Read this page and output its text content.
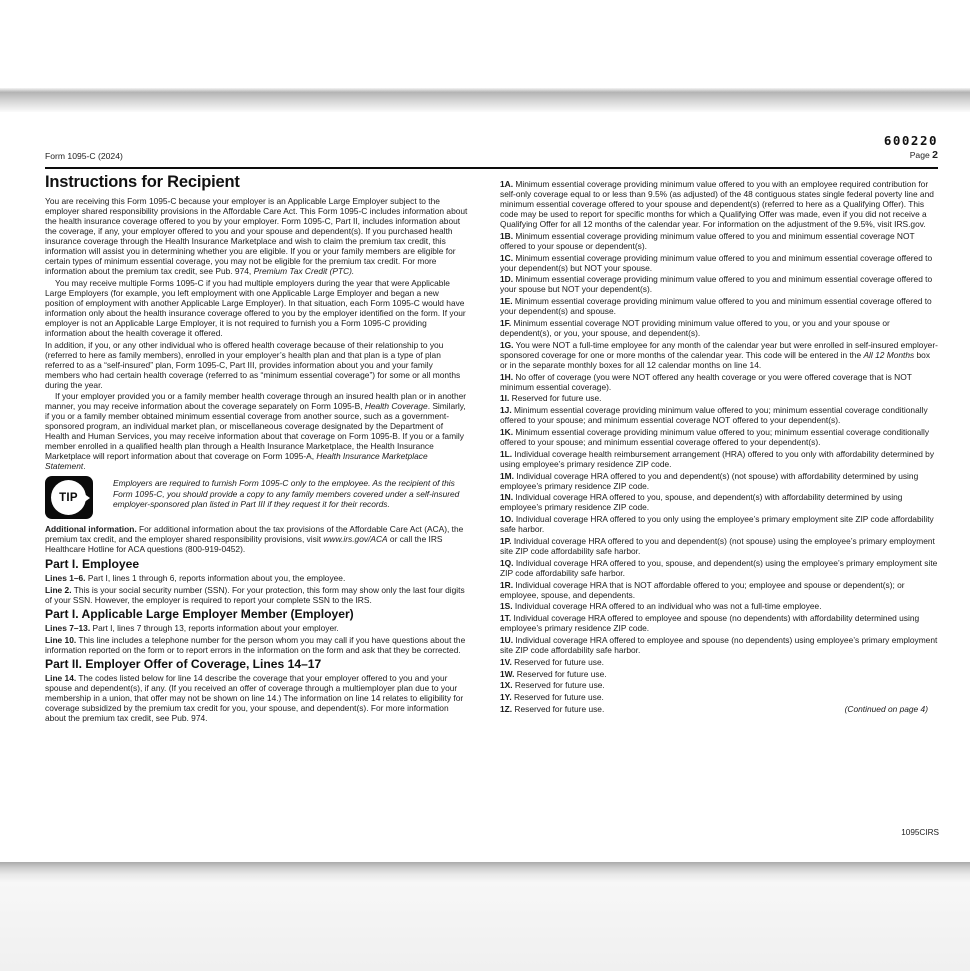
Form 1095-C (2024)
600220
Page 2
Instructions for Recipient
You are receiving this Form 1095-C because your employer is an Applicable Large Employer subject to the employer shared responsibility provisions in the Affordable Care Act. This Form 1095-C includes information about the health insurance coverage offered to you by your employer. Form 1095-C, Part II, includes information about the coverage, if any, your employer offered to you and your spouse and dependent(s). If you purchased health insurance coverage through the Health Insurance Marketplace and wish to claim the premium tax credit, this information will assist you in determining whether you are eligible. If you or your family members are eligible for certain types of minimum essential coverage, you may not be eligible for the premium tax credit. For more information about the premium tax credit, see Pub. 974, Premium Tax Credit (PTC).
You may receive multiple Forms 1095-C if you had multiple employers during the year that were Applicable Large Employers (for example, you left employment with one Applicable Large Employer and began a new position of employment with another Applicable Large Employer). In that situation, each Form 1095-C would have information only about the health insurance coverage offered to you by the employer identified on the form. If your employer is not an Applicable Large Employer, it is not required to furnish you a Form 1095-C providing information about the health coverage it offered.
In addition, if you, or any other individual who is offered health coverage because of their relationship to you (referred to here as family members), enrolled in your employer’s health plan and that plan is a type of plan referred to as a “self-insured” plan, Form 1095-C, Part III, provides information about you and your family members who had certain health coverage (referred to as “minimum essential coverage”) for some or all months during the year.
If your employer provided you or a family member health coverage through an insured health plan or in another manner, you may receive information about the coverage separately on Form 1095-B, Health Coverage. Similarly, if you or a family member obtained minimum essential coverage from another source, such as a government-sponsored program, an individual market plan, or miscellaneous coverage designated by the Department of Health and Human Services, you may receive information about that coverage on Form 1095-B. If you or a family member enrolled in a qualified health plan through a Health Insurance Marketplace, the Health Insurance Marketplace will report information about that coverage on Form 1095-A, Health Insurance Marketplace Statement.
TIP
Employers are required to furnish Form 1095-C only to the employee. As the recipient of this Form 1095-C, you should provide a copy to any family members covered under a self-insured employer-sponsored plan listed in Part III if they request it for their records.
Additional information. For additional information about the tax provisions of the Affordable Care Act (ACA), the premium tax credit, and the employer shared responsibility provisions, visit www.irs.gov/ACA or call the IRS Healthcare Hotline for ACA questions (800-919-0452).
Part I. Employee
Lines 1–6. Part I, lines 1 through 6, reports information about you, the employee.
Line 2. This is your social security number (SSN). For your protection, this form may show only the last four digits of your SSN. However, the employer is required to report your complete SSN to the IRS.
Part I. Applicable Large Employer Member (Employer)
Lines 7–13. Part I, lines 7 through 13, reports information about your employer.
Line 10. This line includes a telephone number for the person whom you may call if you have questions about the information reported on the form or to report errors in the information on the form and ask that they be corrected.
Part II. Employer Offer of Coverage, Lines 14–17
Line 14. The codes listed below for line 14 describe the coverage that your employer offered to you and your spouse and dependent(s), if any. (If you received an offer of coverage through a multiemployer plan due to your membership in a union, that offer may not be shown on line 14.) The information on line 14 relates to eligibility for coverage subsidized by the premium tax credit for you, your spouse, and dependent(s). For more information about the premium tax credit, see Pub. 974.
1A. Minimum essential coverage providing minimum value offered to you with an employee required contribution for self-only coverage equal to or less than 9.5% (as adjusted) of the 48 contiguous states single federal poverty line and minimum essential coverage offered to your spouse and dependent(s) (referred to here as a Qualifying Offer). This code may be used to report for specific months for which a Qualifying Offer was made, even if you did not receive a Qualifying Offer for all 12 months of the calendar year. For information on the adjustment of the 9.5%, visit IRS.gov.
1B. Minimum essential coverage providing minimum value offered to you and minimum essential coverage NOT offered to your spouse or dependent(s).
1C. Minimum essential coverage providing minimum value offered to you and minimum essential coverage offered to your dependent(s) but NOT your spouse.
1D. Minimum essential coverage providing minimum value offered to you and minimum essential coverage offered to your spouse but NOT your dependent(s).
1E. Minimum essential coverage providing minimum value offered to you and minimum essential coverage offered to your dependent(s) and spouse.
1F. Minimum essential coverage NOT providing minimum value offered to you, or you and your spouse or dependent(s), or you, your spouse, and dependent(s).
1G. You were NOT a full-time employee for any month of the calendar year but were enrolled in self-insured employer-sponsored coverage for one or more months of the calendar year. This code will be entered in the All 12 Months box or in the separate monthly boxes for all 12 calendar months on line 14.
1H. No offer of coverage (you were NOT offered any health coverage or you were offered coverage that is NOT minimum essential coverage).
1I. Reserved for future use.
1J. Minimum essential coverage providing minimum value offered to you; minimum essential coverage conditionally offered to your spouse; and minimum essential coverage NOT offered to your dependent(s).
1K. Minimum essential coverage providing minimum value offered to you; minimum essential coverage conditionally offered to your spouse; and minimum essential coverage offered to your dependent(s).
1L. Individual coverage health reimbursement arrangement (HRA) offered to you only with affordability determined by using employee’s primary residence ZIP code.
1M. Individual coverage HRA offered to you and dependent(s) (not spouse) with affordability determined by using employee’s primary residence ZIP code.
1N. Individual coverage HRA offered to you, spouse, and dependent(s) with affordability determined by using employee’s primary residence ZIP code.
1O. Individual coverage HRA offered to you only using the employee’s primary employment site ZIP code affordability safe harbor.
1P. Individual coverage HRA offered to you and dependent(s) (not spouse) using the employee’s primary employment site ZIP code affordability safe harbor.
1Q. Individual coverage HRA offered to you, spouse, and dependent(s) using the employee’s primary employment site ZIP code affordability safe harbor.
1R. Individual coverage HRA that is NOT affordable offered to you; employee and spouse or dependent(s); or employee, spouse, and dependents.
1S. Individual coverage HRA offered to an individual who was not a full-time employee.
1T. Individual coverage HRA offered to employee and spouse (no dependents) with affordability determined using employee’s primary residence ZIP code.
1U. Individual coverage HRA offered to employee and spouse (no dependents) using employee’s primary employment site ZIP code affordability safe harbor.
1V. Reserved for future use.
1W. Reserved for future use.
1X. Reserved for future use.
1Y. Reserved for future use.
1Z. Reserved for future use.	(Continued on page 4)
1095CIRS
